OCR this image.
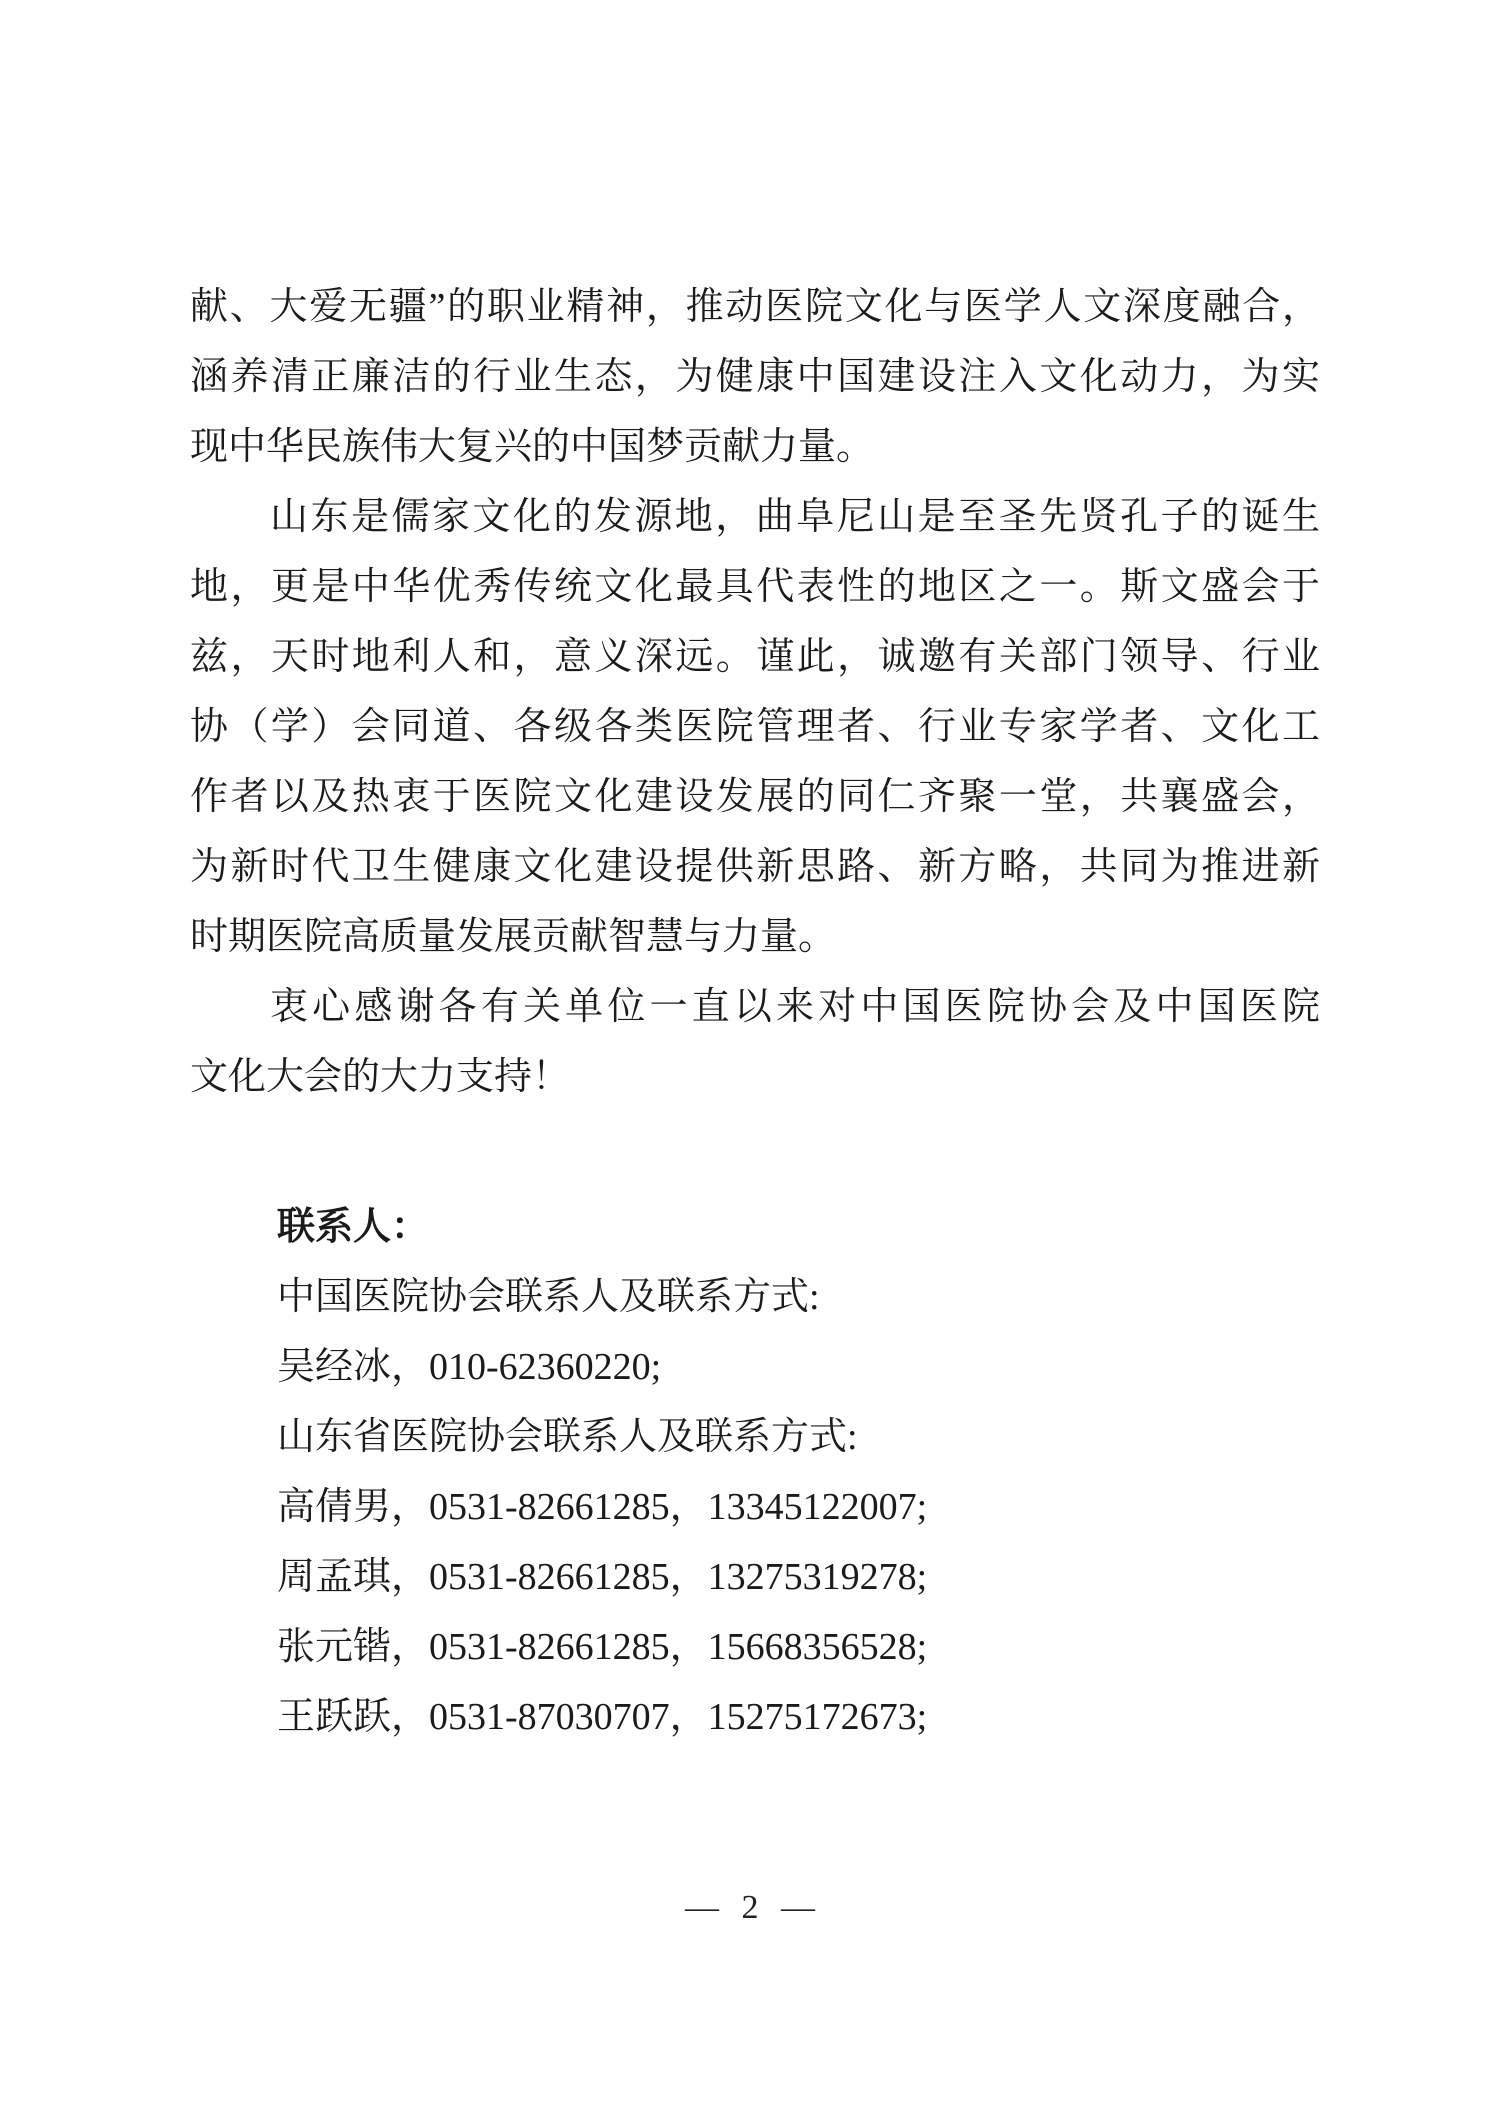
献、大爱无疆”的职业精神，推动医院文化与医学人文深度融合，
涵养清正廉洁的行业生态，为健康中国建设注入文化动力，为实
现中华民族伟大复兴的中国梦贡献力量。
山东是儒家文化的发源地，曲阜尼山是至圣先贤孔子的诞生
地，更是中华优秀传统文化最具代表性的地区之一。斯文盛会于
兹，天时地利人和，意义深远。谨此，诚邀有关部门领导、行业
协（学）会同道、各级各类医院管理者、行业专家学者、文化工
作者以及热衷于医院文化建设发展的同仁齐聚一堂，共襄盛会，
为新时代卫生健康文化建设提供新思路、新方略，共同为推进新
时期医院高质量发展贡献智慧与力量。
衷心感谢各有关单位一直以来对中国医院协会及中国医院
文化大会的大力支持！
联系人：
中国医院协会联系人及联系方式:
吴经冰，010-62360220;
山东省医院协会联系人及联系方式:
高倩男，0531-82661285，13345122007;
周孟琪，0531-82661285，13275319278;
张元锴，0531-82661285，15668356528;
王跃跃，0531-87030707，15275172673;
— 2 —
